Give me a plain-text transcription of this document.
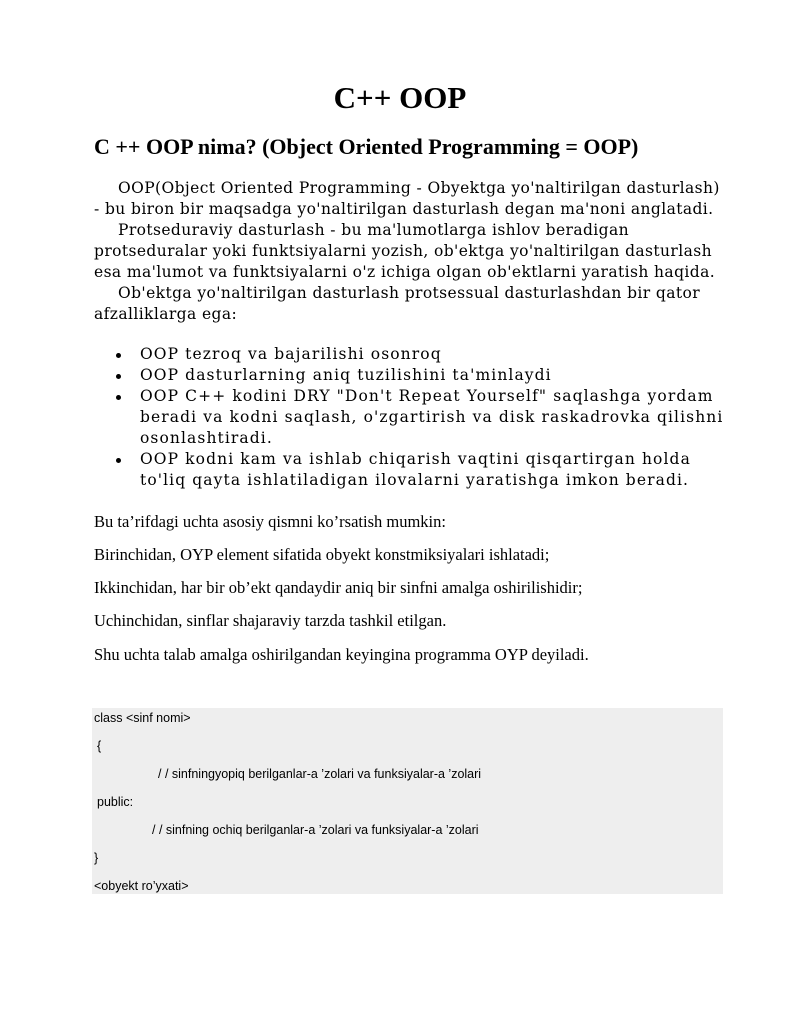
C++ OOP
C ++ OOP nima? (Object Oriented Programming = OOP)

OOP(Object Oriented Programming - Obyektga yo'naltirilgan dasturlash)
- bu biron bir maqsadga yo'naltirilgan dasturlash degan ma'noni anglatadi.

Protseduraviy dasturlash - bu ma'lumotlarga ishlov beradigan
protseduralar yoki funktsiyalarni yozish, ob'ektga yo'naltirilgan dasturlash
esa ma'lumot va funktsiyalarni o'z ichiga olgan ob'ektlarni yaratish haqida.

Ob'ektga yo'naltirilgan dasturlash protsessual dasturlashdan bir qator
afzalliklarga ega:

OOP tezroq va bajarilishi osonroq
OOP dasturlarning aniq tuzilishini ta'minlaydi
OOP C++ kodini DRY "Don't Repeat Yourself" saqlashga yordam
beradi va kodni saqlash, o'zgartirish va disk raskadrovka qilishni
osonlashtiradi.
OOP kodni kam va ishlab chiqarish vaqtini qisqartirgan holda
to'liq qayta ishlatiladigan ilovalarni yaratishga imkon beradi.

Bu ta’rifdagi uchta asosiy qismni ko’rsatish mumkin:

Birinchidan, OYP element sifatida obyekt konstmiksiyalari ishlatadi;

Ikkinchidan, har bir ob’ekt qandaydir aniq bir sinfni amalga oshirilishidir;

Uchinchidan, sinflar shajaraviy tarzda tashkil etilgan.

Shu uchta talab amalga oshirilgandan keyingina programma OYP deyiladi.

class <sinf nomi>
{
/ / sinfningyopiq berilganlar-a ’zolari va funksiyalar-a ’zolari
public:
/ / sinfning ochiq berilganlar-a ’zolari va funksiyalar-a ’zolari
}
<obyekt ro’yxati>
